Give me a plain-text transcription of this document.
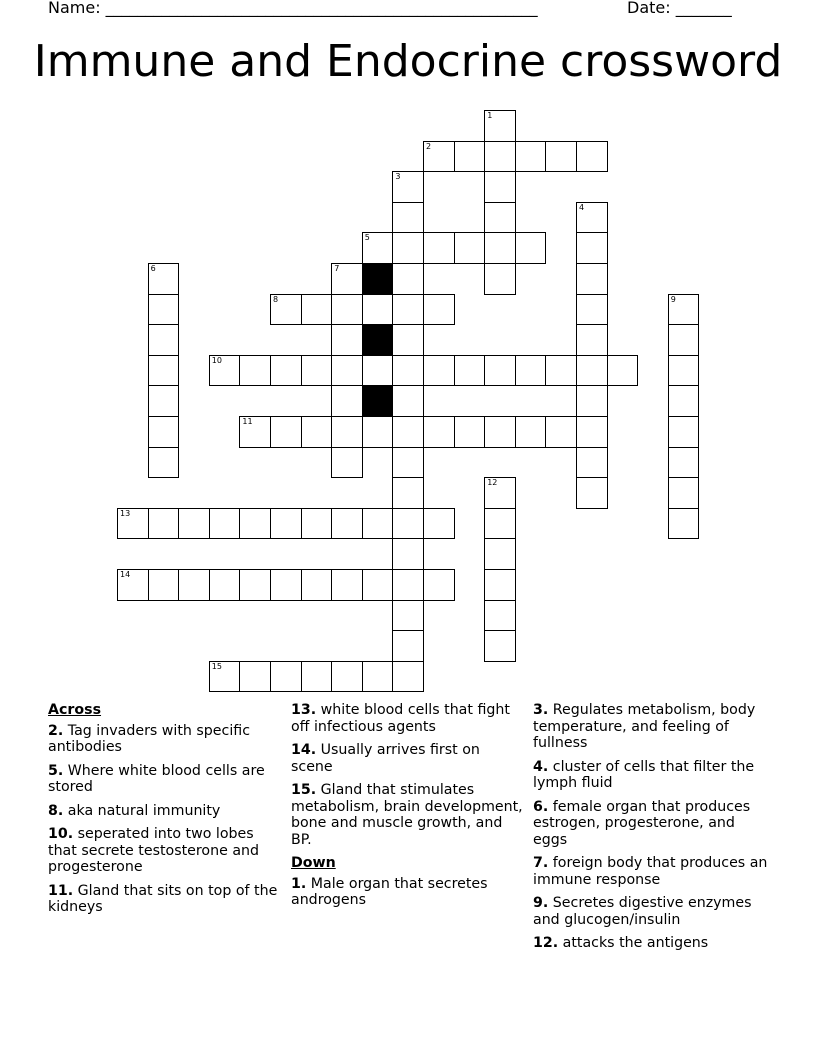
Name: ______________________________________________________	Date: _______
Immune and Endocrine crossword
2
5
8
10
11
13
14
15
1
3
4
6	7
9
12
Across
2. Tag invaders with specific antibodies
5. Where white blood cells are stored
8. aka natural immunity
10. seperated into two lobes that secrete testosterone and progesterone
11. Gland that sits on top of the kidneys
13. white blood cells that fight off infectious agents
14. Usually arrives first on scene
15. Gland that stimulates metabolism, brain development, bone and muscle growth, and BP.
Down
1. Male organ that secretes androgens
3. Regulates metabolism, body temperature, and feeling of fullness
4. cluster of cells that filter the lymph fluid
6. female organ that produces estrogen, progesterone, and eggs
7. foreign body that produces an immune response
9. Secretes digestive enzymes and glucogen/insulin
12. attacks the antigens
